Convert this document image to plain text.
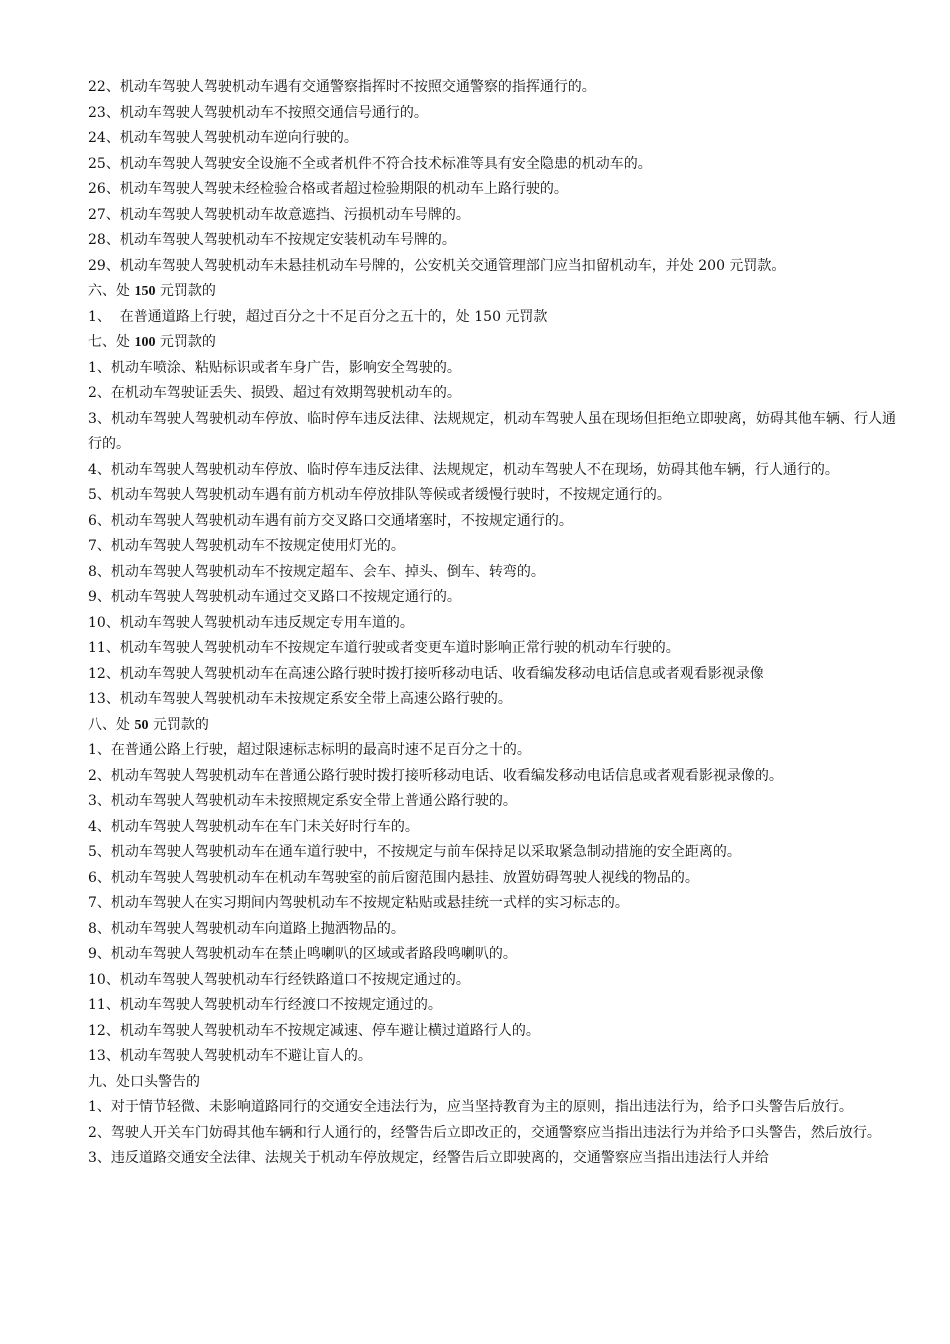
22、机动车驾驶人驾驶机动车遇有交通警察指挥时不按照交通警察的指挥通行的。

23、机动车驾驶人驾驶机动车不按照交通信号通行的。

24、机动车驾驶人驾驶机动车逆向行驶的。

25、机动车驾驶人驾驶安全设施不全或者机件不符合技术标准等具有安全隐患的机动车的。

26、机动车驾驶人驾驶未经检验合格或者超过检验期限的机动车上路行驶的。

27、机动车驾驶人驾驶机动车故意遮挡、污损机动车号牌的。

28、机动车驾驶人驾驶机动车不按规定安装机动车号牌的。

29、机动车驾驶人驾驶机动车未悬挂机动车号牌的，公安机关交通管理部门应当扣留机动车，并处 200 元罚款。

六、处 150 元罚款的

1、  在普通道路上行驶，超过百分之十不足百分之五十的，处 150 元罚款

七、处 100 元罚款的

1、机动车喷涂、粘贴标识或者车身广告，影响安全驾驶的。

2、在机动车驾驶证丢失、损毁、超过有效期驾驶机动车的。

3、机动车驾驶人驾驶机动车停放、临时停车违反法律、法规规定，机动车驾驶人虽在现场但拒绝立即驶离，妨碍其他车辆、行人通行的。

4、机动车驾驶人驾驶机动车停放、临时停车违反法律、法规规定，机动车驾驶人不在现场，妨碍其他车辆，行人通行的。

5、机动车驾驶人驾驶机动车遇有前方机动车停放排队等候或者缓慢行驶时，不按规定通行的。

6、机动车驾驶人驾驶机动车遇有前方交叉路口交通堵塞时，不按规定通行的。

7、机动车驾驶人驾驶机动车不按规定使用灯光的。

8、机动车驾驶人驾驶机动车不按规定超车、会车、掉头、倒车、转弯的。

9、机动车驾驶人驾驶机动车通过交叉路口不按规定通行的。

10、机动车驾驶人驾驶机动车违反规定专用车道的。

11、机动车驾驶人驾驶机动车不按规定车道行驶或者变更车道时影响正常行驶的机动车行驶的。

12、机动车驾驶人驾驶机动车在高速公路行驶时拨打接听移动电话、收看编发移动电话信息或者观看影视录像

13、机动车驾驶人驾驶机动车未按规定系安全带上高速公路行驶的。

八、处 50 元罚款的

1、在普通公路上行驶，超过限速标志标明的最高时速不足百分之十的。

2、机动车驾驶人驾驶机动车在普通公路行驶时拨打接听移动电话、收看编发移动电话信息或者观看影视录像的。

3、机动车驾驶人驾驶机动车未按照规定系安全带上普通公路行驶的。

4、机动车驾驶人驾驶机动车在车门未关好时行车的。

5、机动车驾驶人驾驶机动车在通车道行驶中，不按规定与前车保持足以采取紧急制动措施的安全距离的。

6、机动车驾驶人驾驶机动车在机动车驾驶室的前后窗范围内悬挂、放置妨碍驾驶人视线的物品的。

7、机动车驾驶人在实习期间内驾驶机动车不按规定粘贴或悬挂统一式样的实习标志的。

8、机动车驾驶人驾驶机动车向道路上抛洒物品的。

9、机动车驾驶人驾驶机动车在禁止鸣喇叭的区域或者路段鸣喇叭的。

10、机动车驾驶人驾驶机动车行经铁路道口不按规定通过的。

11、机动车驾驶人驾驶机动车行经渡口不按规定通过的。

12、机动车驾驶人驾驶机动车不按规定减速、停车避让横过道路行人的。

13、机动车驾驶人驾驶机动车不避让盲人的。

九、处口头警告的

1、对于情节轻微、未影响道路同行的交通安全违法行为，应当坚持教育为主的原则，指出违法行为，给予口头警告后放行。

2、驾驶人开关车门妨碍其他车辆和行人通行的，经警告后立即改正的，交通警察应当指出违法行为并给予口头警告，然后放行。

3、违反道路交通安全法律、法规关于机动车停放规定，经警告后立即驶离的，交通警察应当指出违法行人并给
